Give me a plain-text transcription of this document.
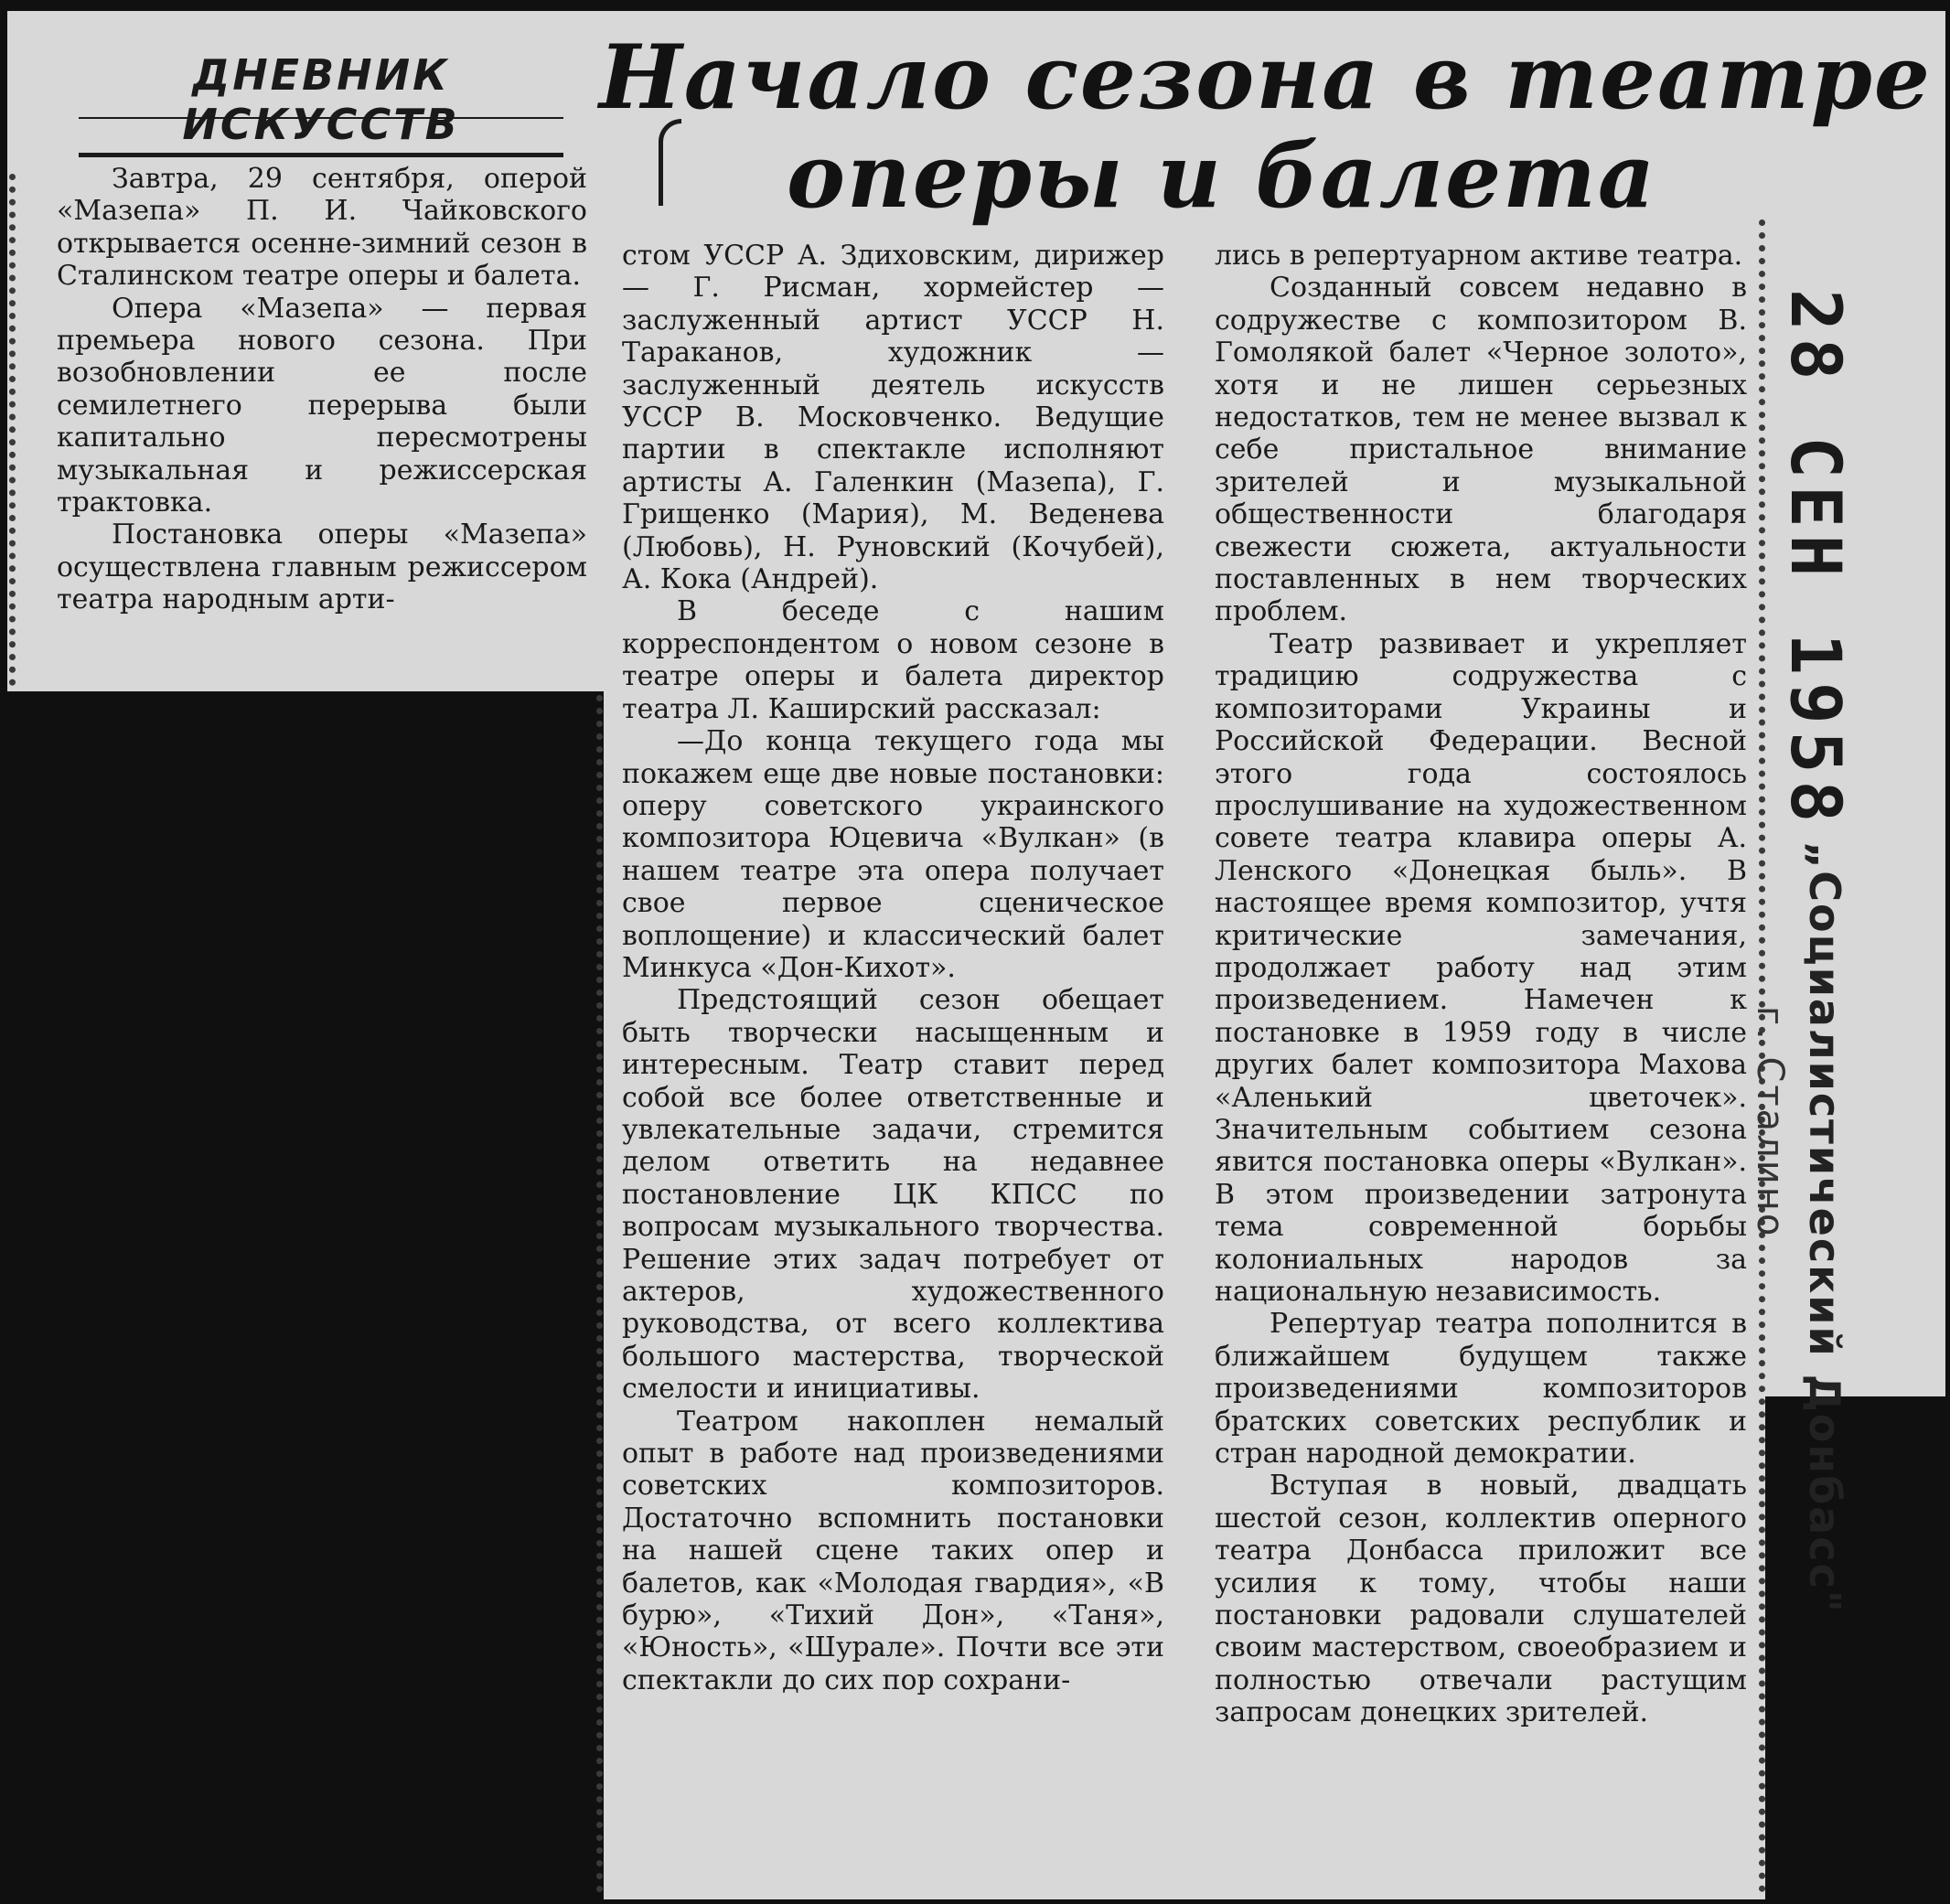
ДНЕВНИК ИСКУССТВ	Начало сезона в театре
оперы и балета

Завтра, 29 сентября, оперой «Мазепа» П. И. Чайковского открывается осенне-зимний сезон в Сталинском театре оперы и балета.

Опера «Мазепа» — первая премьера нового сезона. При возобновлении ее после семилетнего перерыва были капитально пересмотрены музыкальная и режиссерская трактовка.

Постановка оперы «Мазепа» осуществлена главным режиссером театра народным арти-

стом УССР А. Здиховским, дирижер — Г. Рисман, хормейстер — заслуженный артист УССР Н. Тараканов, художник — заслуженный деятель искусств УССР В. Московченко. Ведущие партии в спектакле исполняют артисты А. Галенкин (Мазепа), Г. Грищенко (Мария), М. Веденева (Любовь), Н. Руновский (Кочубей), А. Кока (Андрей).

В беседе с нашим корреспондентом о новом сезоне в театре оперы и балета директор театра Л. Каширский рассказал:

—До конца текущего года мы покажем еще две новые постановки: оперу советского украинского композитора Юцевича «Вулкан» (в нашем театре эта опера получает свое первое сценическое воплощение) и классический балет Минкуса «Дон-Кихот».

Предстоящий сезон обещает быть творчески насыщенным и интересным. Театр ставит перед собой все более ответственные и увлекательные задачи, стремится делом ответить на недавнее постановление ЦК КПСС по вопросам музыкального творчества. Решение этих задач потребует от актеров, художественного руководства, от всего коллектива большого мастерства, творческой смелости и инициативы.

Театром накоплен немалый опыт в работе над произведениями советских композиторов. Достаточно вспомнить постановки на нашей сцене таких опер и балетов, как «Молодая гвардия», «В бурю», «Тихий Дон», «Таня», «Юность», «Шурале». Почти все эти спектакли до сих пор сохрани-

лись в репертуарном активе театра.

Созданный совсем недавно в содружестве с композитором В. Гомолякой балет «Черное золото», хотя и не лишен серьезных недостатков, тем не менее вызвал к себе пристальное внимание зрителей и музыкальной общественности благодаря свежести сюжета, актуальности поставленных в нем творческих проблем.

Театр развивает и укрепляет традицию содружества с композиторами Украины и Российской Федерации. Весной этого года состоялось прослушивание на художественном совете театра клавира оперы А. Ленского «Донецкая быль». В настоящее время композитор, учтя критические замечания, продолжает работу над этим произведением. Намечен к постановке в 1959 году в числе других балет композитора Махова «Аленький цветочек». Значительным событием сезона явится постановка оперы «Вулкан». В этом произведении затронута тема современной борьбы колониальных народов за национальную независимость.

Репертуар театра пополнится в ближайшем будущем также произведениями композиторов братских советских республик и стран народной демократии.

Вступая в новый, двадцать шестой сезон, коллектив оперного театра Донбасса приложит все усилия к тому, чтобы наши постановки радовали слушателей своим мастерством, своеобразием и полностью отвечали растущим запросам донецких зрителей.

28 СЕН 1958
„Социалистический Донбасс"
г. Сталино
